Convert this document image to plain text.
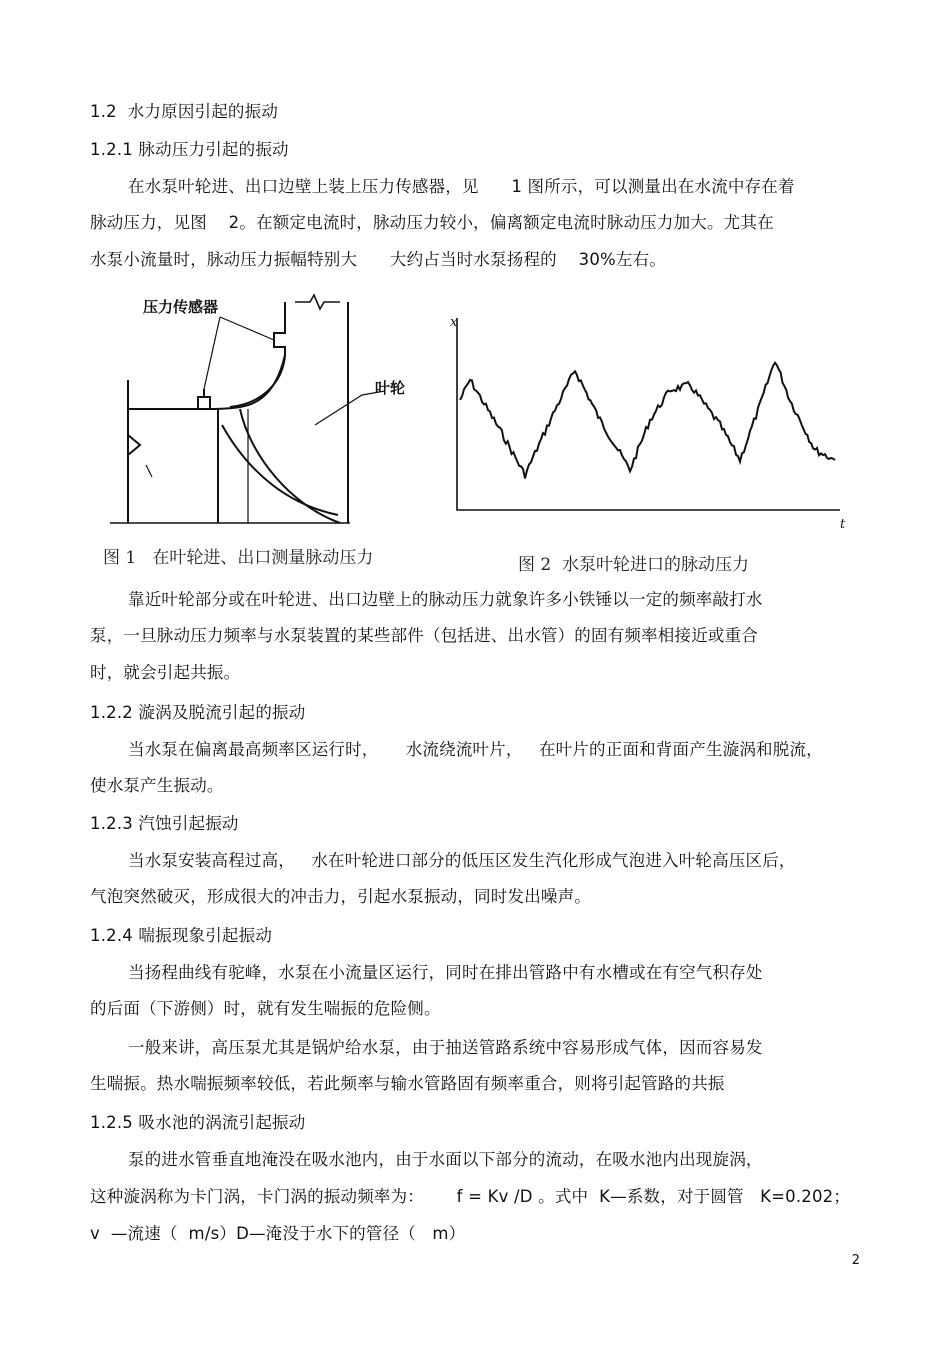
1.2  水力原因引起的振动
1.2.1 脉动压力引起的振动
在水泵叶轮进、出口边壁上装上压力传感器，见      1 图所示，可以测量出在水流中存在着
脉动压力，见图    2。在额定电流时，脉动压力较小，偏离额定电流时脉动压力加大。尤其在
水泵小流量时，脉动压力振幅特别大      大约占当时水泵扬程的    30%左右。
压力传感器
叶轮
图 1   在叶轮进、出口测量脉动压力
x
t
图 2  水泵叶轮进口的脉动压力
靠近叶轮部分或在叶轮进、出口边壁上的脉动压力就象许多小铁锤以一定的频率敲打水
泵，一旦脉动压力频率与水泵装置的某些部件（包括进、出水管）的固有频率相接近或重合
时，就会引起共振。
1.2.2 漩涡及脱流引起的振动
当水泵在偏离最高频率区运行时，     水流绕流叶片，   在叶片的正面和背面产生漩涡和脱流，
使水泵产生振动。
1.2.3 汽蚀引起振动
当水泵安装高程过高，   水在叶轮进口部分的低压区发生汽化形成气泡进入叶轮高压区后，
气泡突然破灭，形成很大的冲击力，引起水泵振动，同时发出噪声。
1.2.4 喘振现象引起振动
当扬程曲线有驼峰，水泵在小流量区运行，同时在排出管路中有水槽或在有空气积存处
的后面（下游侧）时，就有发生喘振的危险侧。
一般来讲，高压泵尤其是锅炉给水泵，由于抽送管路系统中容易形成气体，因而容易发
生喘振。热水喘振频率较低，若此频率与输水管路固有频率重合，则将引起管路的共振
1.2.5 吸水池的涡流引起振动
泵的进水管垂直地淹没在吸水池内，由于水面以下部分的流动，在吸水池内出现旋涡，
这种漩涡称为卡门涡，卡门涡的振动频率为：      f = Kv /D 。式中  K—系数，对于圆管   K=0.202；
v  —流速（  m/s）D—淹没于水下的管径（   m）
2
